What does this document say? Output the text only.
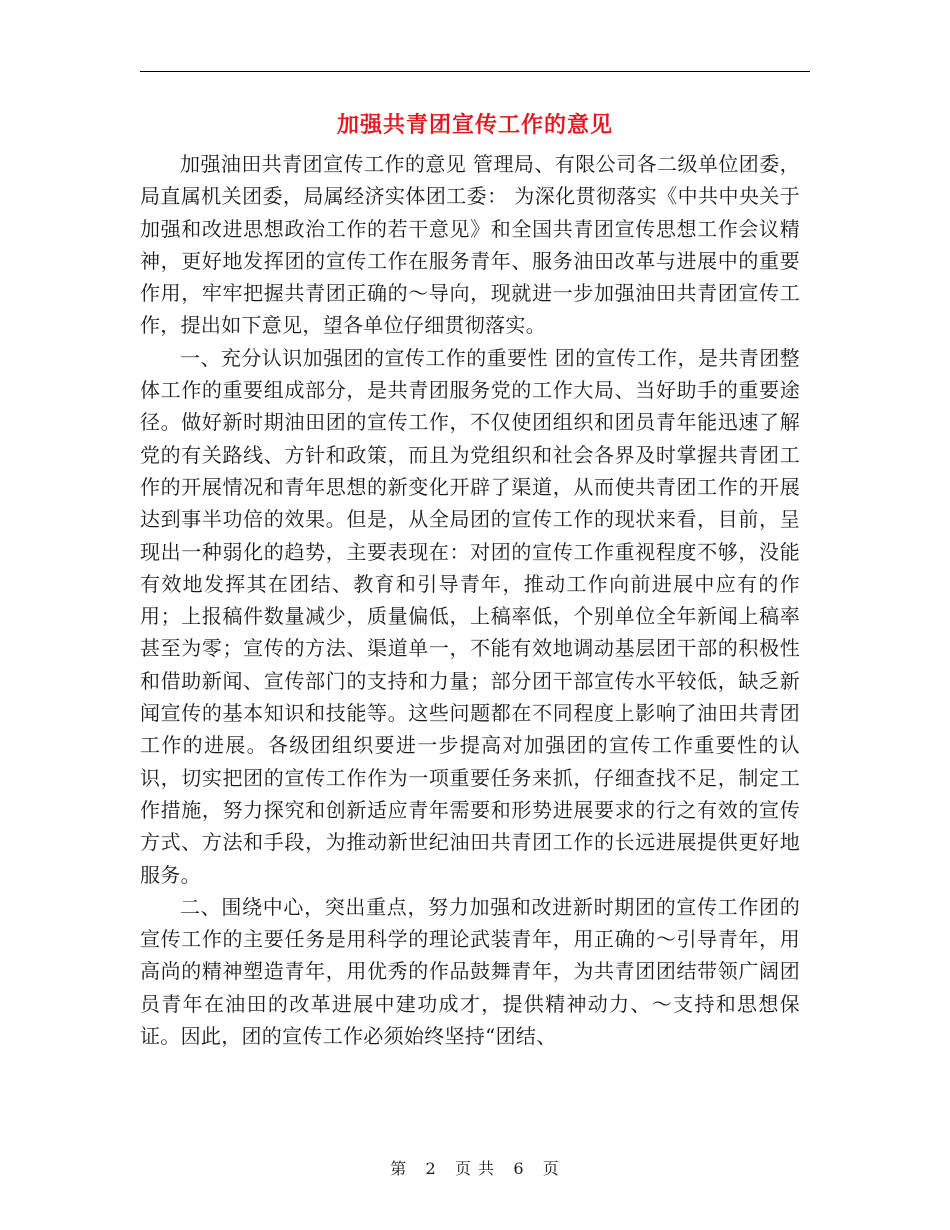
加强共青团宣传工作的意见

加强油田共青团宣传工作的意见 管理局、有限公司各二级单位团委，局直属机关团委，局属经济实体团工委： 为深化贯彻落实《中共中央关于加强和改进思想政治工作的若干意见》和全国共青团宣传思想工作会议精神，更好地发挥团的宣传工作在服务青年、服务油田改革与进展中的重要作用，牢牢把握共青团正确的～导向，现就进一步加强油田共青团宣传工作，提出如下意见，望各单位仔细贯彻落实。

一、充分认识加强团的宣传工作的重要性 团的宣传工作，是共青团整体工作的重要组成部分，是共青团服务党的工作大局、当好助手的重要途径。做好新时期油田团的宣传工作，不仅使团组织和团员青年能迅速了解党的有关路线、方针和政策，而且为党组织和社会各界及时掌握共青团工作的开展情况和青年思想的新变化开辟了渠道，从而使共青团工作的开展达到事半功倍的效果。但是，从全局团的宣传工作的现状来看，目前，呈现出一种弱化的趋势，主要表现在：对团的宣传工作重视程度不够，没能有效地发挥其在团结、教育和引导青年，推动工作向前进展中应有的作用；上报稿件数量减少，质量偏低，上稿率低，个别单位全年新闻上稿率甚至为零；宣传的方法、渠道单一，不能有效地调动基层团干部的积极性和借助新闻、宣传部门的支持和力量；部分团干部宣传水平较低，缺乏新闻宣传的基本知识和技能等。这些问题都在不同程度上影响了油田共青团工作的进展。各级团组织要进一步提高对加强团的宣传工作重要性的认识，切实把团的宣传工作作为一项重要任务来抓，仔细查找不足，制定工作措施，努力探究和创新适应青年需要和形势进展要求的行之有效的宣传方式、方法和手段，为推动新世纪油田共青团工作的长远进展提供更好地服务。

二、围绕中心，突出重点，努力加强和改进新时期团的宣传工作团的宣传工作的主要任务是用科学的理论武装青年，用正确的～引导青年，用高尚的精神塑造青年，用优秀的作品鼓舞青年，为共青团团结带领广阔团员青年在油田的改革进展中建功成才，提供精神动力、～支持和思想保证。因此，团的宣传工作必须始终坚持“团结、

第 2 页 共 6 页
